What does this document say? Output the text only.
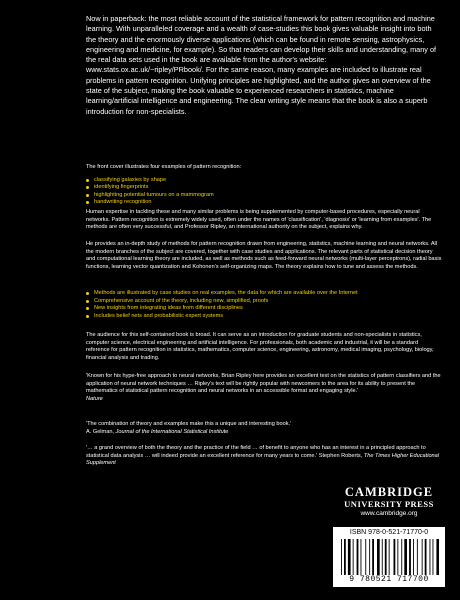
Now in paperback: the most reliable account of the statistical framework for pattern recognition and machine learning. With unparalleled coverage and a wealth of case-studies this book gives valuable insight into both the theory and the enormously diverse applications (which can be found in remote sensing, astrophysics, engineering and medicine, for example). So that readers can develop their skills and understanding, many of the real data sets used in the book are available from the author's website: www.stats.ox.ac.uk/~ripley/PRbook/. For the same reason, many examples are included to illustrate real problems in pattern recognition. Unifying principles are highlighted, and the author gives an overview of the state of the subject, making the book valuable to experienced researchers in statistics, machine learning/artificial intelligence and engineering. The clear writing style means that the book is also a superb introduction for non-specialists.

The front cover illustrates four examples of pattern recognition:

classifying galaxies by shape
identifying fingerprints
highlighting potential tumours on a mammogram
handwriting recognition

Human expertise in tackling these and many similar problems is being supplemented by computer-based procedures, especially neural networks. Pattern recognition is extremely widely used, often under the names of 'classification', 'diagnosis' or 'learning from examples'. The methods are often very successful, and Professor Ripley, an international authority on the subject, explains why.

He provides an in-depth study of methods for pattern recognition drawn from engineering, statistics, machine learning and neural networks. All the modern branches of the subject are covered, together with case studies and applications. The relevant parts of statistical decision theory and computational learning theory are included, as well as methods such as feed-forward neural networks (multi-layer perceptrons), radial basis functions, learning vector quantization and Kohonen's self-organizing maps. The theory explains how to tune and assess the methods.

Methods are illustrated by case studies on real examples, the data for which are available over the Internet
Comprehensive account of the theory, including new, simplified, proofs
New insights from integrating ideas from different disciplines
Includes belief nets and probabilistic expert systems

The audience for this self-contained book is broad. It can serve as an introduction for graduate students and non-specialists in statistics, computer science, electrical engineering and artificial intelligence. For professionals, both academic and industrial, it will be a standard reference for pattern recognition in statistics, mathematics, computer science, engineering, astronomy, medical imaging, psychology, biology, financial analysis and trading.

'Known for his hype-free approach to neural networks, Brian Ripley here provides an excellent text on the statistics of pattern classifiers and the application of neural network techniques … Ripley's text will be rightly popular with newcomers to the area for its ability to present the mathematics of statistical pattern recognition and neural networks in an accessible format and engaging style.'
Nature
'The combination of theory and examples make this a unique and interesting book.'
A. Gelman, Journal of the International Statistical Institute
'… a grand overview of both the theory and the practice of the field … of benefit to anyone who has an interest in a principled approach to statistical data analysis … will indeed provide an excellent reference for many years to come.' Stephen Roberts, The Times Higher Educational Supplement
CAMBRIDGE
UNIVERSITY PRESS
www.cambridge.org
ISBN 978-0-521-71770-0
9 780521 717700
